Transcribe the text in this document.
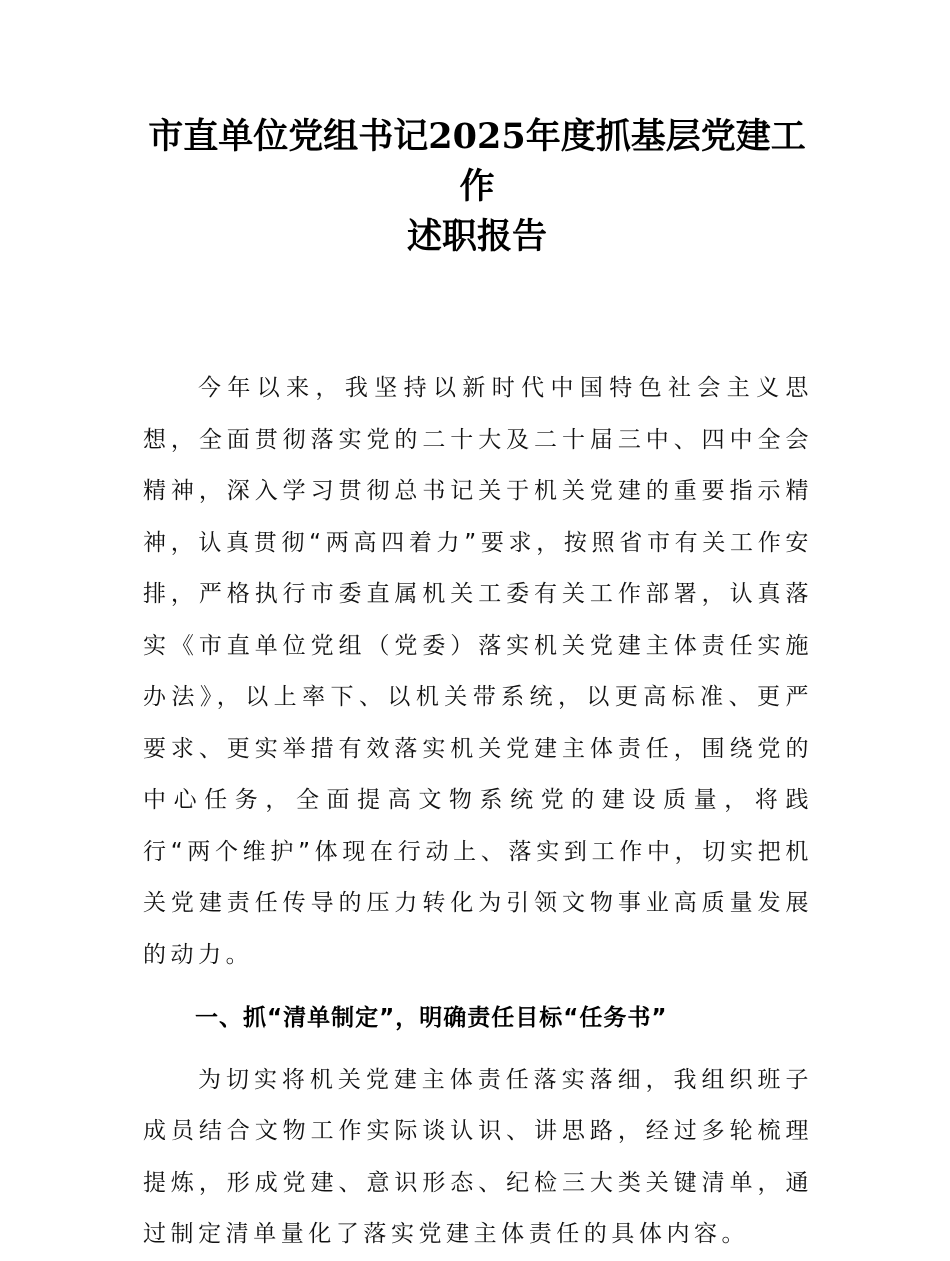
市直单位党组书记2025年度抓基层党建工作
述职报告

今年以来，我坚持以新时代中国特色社会主义思想，全面贯彻落实党的二十大及二十届三中、四中全会精神，深入学习贯彻总书记关于机关党建的重要指示精神，认真贯彻“两高四着力”要求，按照省市有关工作安排，严格执行市委直属机关工委有关工作部署，认真落实《市直单位党组（党委）落实机关党建主体责任实施办法》，以上率下、以机关带系统，以更高标准、更严要求、更实举措有效落实机关党建主体责任，围绕党的中心任务，全面提高文物系统党的建设质量，将践行“两个维护”体现在行动上、落实到工作中，切实把机关党建责任传导的压力转化为引领文物事业高质量发展的动力。

一、抓“清单制定”，明确责任目标“任务书”

为切实将机关党建主体责任落实落细，我组织班子成员结合文物工作实际谈认识、讲思路，经过多轮梳理提炼，形成党建、意识形态、纪检三大类关键清单，通过制定清单量化了落实党建主体责任的具体内容。
